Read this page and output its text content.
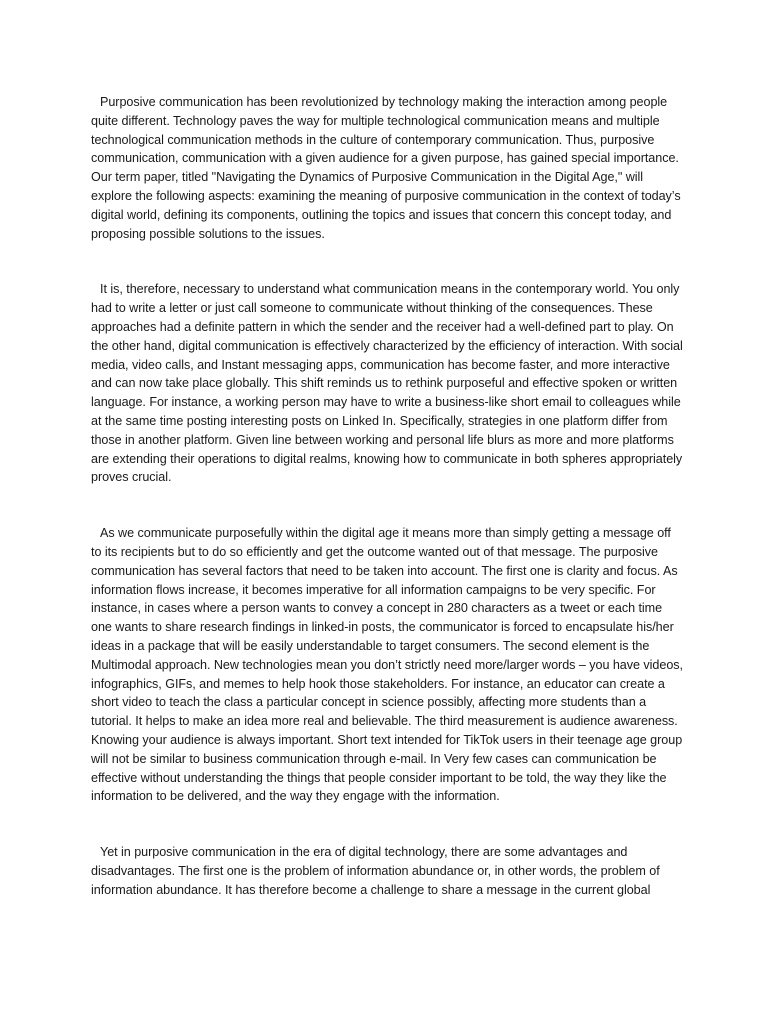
Purposive communication has been revolutionized by technology making the interaction among people quite different. Technology paves the way for multiple technological communication means and multiple technological communication methods in the culture of contemporary communication. Thus, purposive communication, communication with a given audience for a given purpose, has gained special importance. Our term paper, titled "Navigating the Dynamics of Purposive Communication in the Digital Age," will explore the following aspects: examining the meaning of purposive communication in the context of today’s digital world, defining its components, outlining the topics and issues that concern this concept today, and proposing possible solutions to the issues.

It is, therefore, necessary to understand what communication means in the contemporary world. You only had to write a letter or just call someone to communicate without thinking of the consequences. These approaches had a definite pattern in which the sender and the receiver had a well-defined part to play. On the other hand, digital communication is effectively characterized by the efficiency of interaction. With social media, video calls, and Instant messaging apps, communication has become faster, and more interactive and can now take place globally. This shift reminds us to rethink purposeful and effective spoken or written language. For instance, a working person may have to write a business-like short email to colleagues while at the same time posting interesting posts on Linked In. Specifically, strategies in one platform differ from those in another platform. Given line between working and personal life blurs as more and more platforms are extending their operations to digital realms, knowing how to communicate in both spheres appropriately proves crucial.

As we communicate purposefully within the digital age it means more than simply getting a message off to its recipients but to do so efficiently and get the outcome wanted out of that message. The purposive communication has several factors that need to be taken into account. The first one is clarity and focus. As information flows increase, it becomes imperative for all information campaigns to be very specific. For instance, in cases where a person wants to convey a concept in 280 characters as a tweet or each time one wants to share research findings in linked-in posts, the communicator is forced to encapsulate his/her ideas in a package that will be easily understandable to target consumers. The second element is the Multimodal approach. New technologies mean you don’t strictly need more/larger words – you have videos, infographics, GIFs, and memes to help hook those stakeholders. For instance, an educator can create a short video to teach the class a particular concept in science possibly, affecting more students than a tutorial. It helps to make an idea more real and believable. The third measurement is audience awareness. Knowing your audience is always important. Short text intended for TikTok users in their teenage age group will not be similar to business communication through e-mail. In Very few cases can communication be effective without understanding the things that people consider important to be told, the way they like the information to be delivered, and the way they engage with the information.

Yet in purposive communication in the era of digital technology, there are some advantages and disadvantages. The first one is the problem of information abundance or, in other words, the problem of information abundance. It has therefore become a challenge to share a message in the current global
